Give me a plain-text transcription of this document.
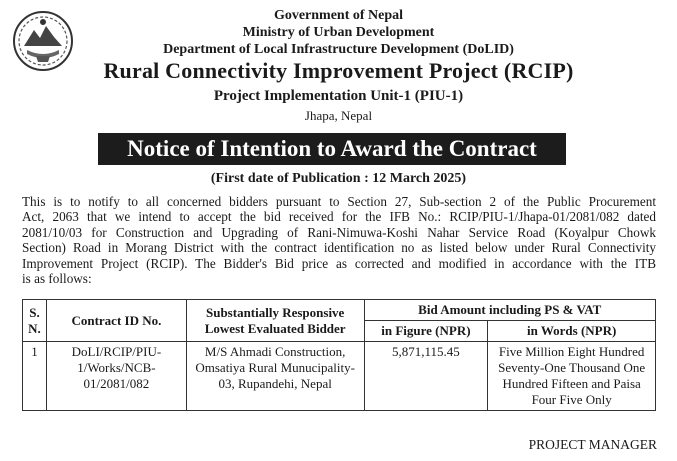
Government of Nepal
Ministry of Urban Development
Department of Local Infrastructure Development (DoLID)
Rural Connectivity Improvement Project (RCIP)
Project Implementation Unit-1 (PIU-1)
Jhapa, Nepal
Notice of Intention to Award the Contract
(First date of Publication : 12 March 2025)
This is to notify to all concerned bidders pursuant to Section 27, Sub-section 2 of the Public Procurement
Act, 2063 that we intend to accept the bid received for the IFB No.: RCIP/PIU-1/Jhapa-01/2081/082 dated
2081/10/03 for Construction and Upgrading of Rani-Nimuwa-Koshi Nahar Service Road (Koyalpur Chowk
Section) Road in Morang District with the contract identification no as listed below under Rural Connectivity
Improvement Project (RCIP). The Bidder's Bid price as corrected and modified in accordance with the ITB
is as follows:
S. N.	Contract ID No.	Substantially Responsive Lowest Evaluated Bidder	Bid Amount including PS & VAT	
			in Figure (NPR)	in Words (NPR)
1	DoLI/RCIP/PIU-1/Works/NCB-01/2081/082	M/S Ahmadi Construction, Omsatiya Rural Munucipality-03, Rupandehi, Nepal	5,871,115.45	Five Million Eight Hundred Seventy-One Thousand One Hundred Fifteen and Paisa Four Five Only
PROJECT MANAGER
